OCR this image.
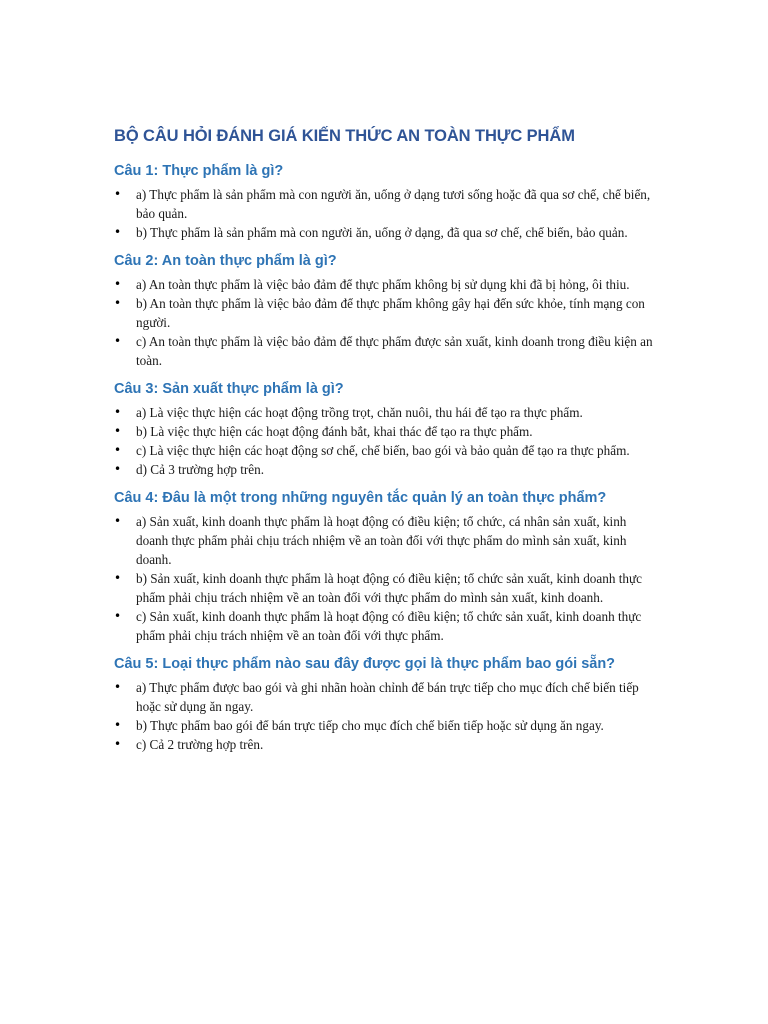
BỘ CÂU HỎI ĐÁNH GIÁ KIẾN THỨC AN TOÀN THỰC PHẨM
Câu 1: Thực phẩm là gì?
• a) Thực phẩm là sản phẩm mà con người ăn, uống ở dạng tươi sống hoặc đã qua sơ chế, chế biến, bảo quản.
• b) Thực phẩm là sản phẩm mà con người ăn, uống ở dạng, đã qua sơ chế, chế biến, bảo quản.
Câu 2: An toàn thực phẩm là gì?
• a) An toàn thực phẩm là việc bảo đảm để thực phẩm không bị sử dụng khi đã bị hỏng, ôi thiu.
• b) An toàn thực phẩm là việc bảo đảm để thực phẩm không gây hại đến sức khỏe, tính mạng con người.
• c) An toàn thực phẩm là việc bảo đảm để thực phẩm được sản xuất, kinh doanh trong điều kiện an toàn.
Câu 3: Sản xuất thực phẩm là gì?
• a) Là việc thực hiện các hoạt động trồng trọt, chăn nuôi, thu hái để tạo ra thực phẩm.
• b) Là việc thực hiện các hoạt động đánh bắt, khai thác để tạo ra thực phẩm.
• c) Là việc thực hiện các hoạt động sơ chế, chế biến, bao gói và bảo quản để tạo ra thực phẩm.
• d) Cả 3 trường hợp trên.
Câu 4: Đâu là một trong những nguyên tắc quản lý an toàn thực phẩm?
• a) Sản xuất, kinh doanh thực phẩm là hoạt động có điều kiện; tổ chức, cá nhân sản xuất, kinh doanh thực phẩm phải chịu trách nhiệm về an toàn đối với thực phẩm do mình sản xuất, kinh doanh.
• b) Sản xuất, kinh doanh thực phẩm là hoạt động có điều kiện; tổ chức sản xuất, kinh doanh thực phẩm phải chịu trách nhiệm về an toàn đối với thực phẩm do mình sản xuất, kinh doanh.
• c) Sản xuất, kinh doanh thực phẩm là hoạt động có điều kiện; tổ chức sản xuất, kinh doanh thực phẩm phải chịu trách nhiệm về an toàn đối với thực phẩm.
Câu 5: Loại thực phẩm nào sau đây được gọi là thực phẩm bao gói sẵn?
• a) Thực phẩm được bao gói và ghi nhãn hoàn chỉnh để bán trực tiếp cho mục đích chế biến tiếp hoặc sử dụng ăn ngay.
• b) Thực phẩm bao gói để bán trực tiếp cho mục đích chế biến tiếp hoặc sử dụng ăn ngay.
• c) Cả 2 trường hợp trên.
